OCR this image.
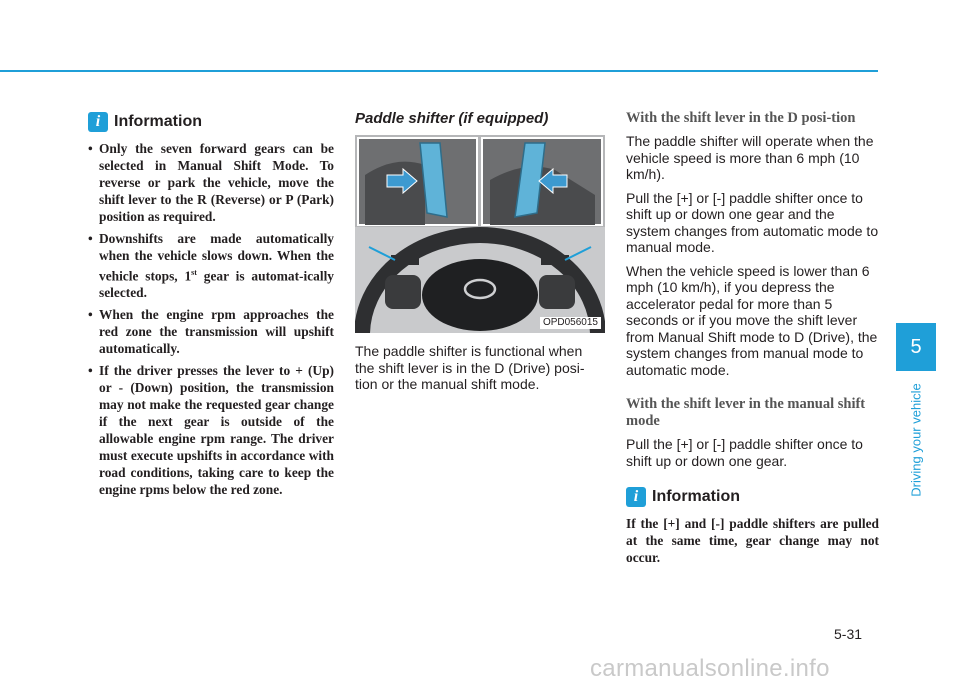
5
Driving your vehicle
i Information
• Only the seven forward gears can be selected in Manual Shift Mode. To reverse or park the vehicle, move the shift lever to the R (Reverse) or P (Park) position as required.
• Downshifts are made automatically when the vehicle slows down. When the vehicle stops, 1st gear is automat-ically selected.
• When the engine rpm approaches the red zone the transmission will upshift automatically.
• If the driver presses the lever to + (Up) or - (Down) position, the transmission may not make the requested gear change if the next gear is outside of the allowable engine rpm range. The driver must execute upshifts in accordance with road conditions, taking care to keep the engine rpms below the red zone.

Paddle shifter (if equipped)

OPD056015

The paddle shifter is functional when the shift lever is in the D (Drive) posi-tion or the manual shift mode.

With the shift lever in the D posi-tion

The paddle shifter will operate when the vehicle speed is more than 6 mph (10 km/h).

Pull the [+] or [-] paddle shifter once to shift up or down one gear and the system changes from automatic mode to manual mode.

When the vehicle speed is lower than 6 mph (10 km/h), if you depress the accelerator pedal for more than 5 seconds or if you move the shift lever from Manual Shift mode to D (Drive), the system changes from manual mode to automatic mode.

With the shift lever in the manual shift mode

Pull the [+] or [-] paddle shifter once to shift up or down one gear.

i Information

If the [+] and [-] paddle shifters are pulled at the same time, gear change may not occur.

5-31
carmanualsonline.info
